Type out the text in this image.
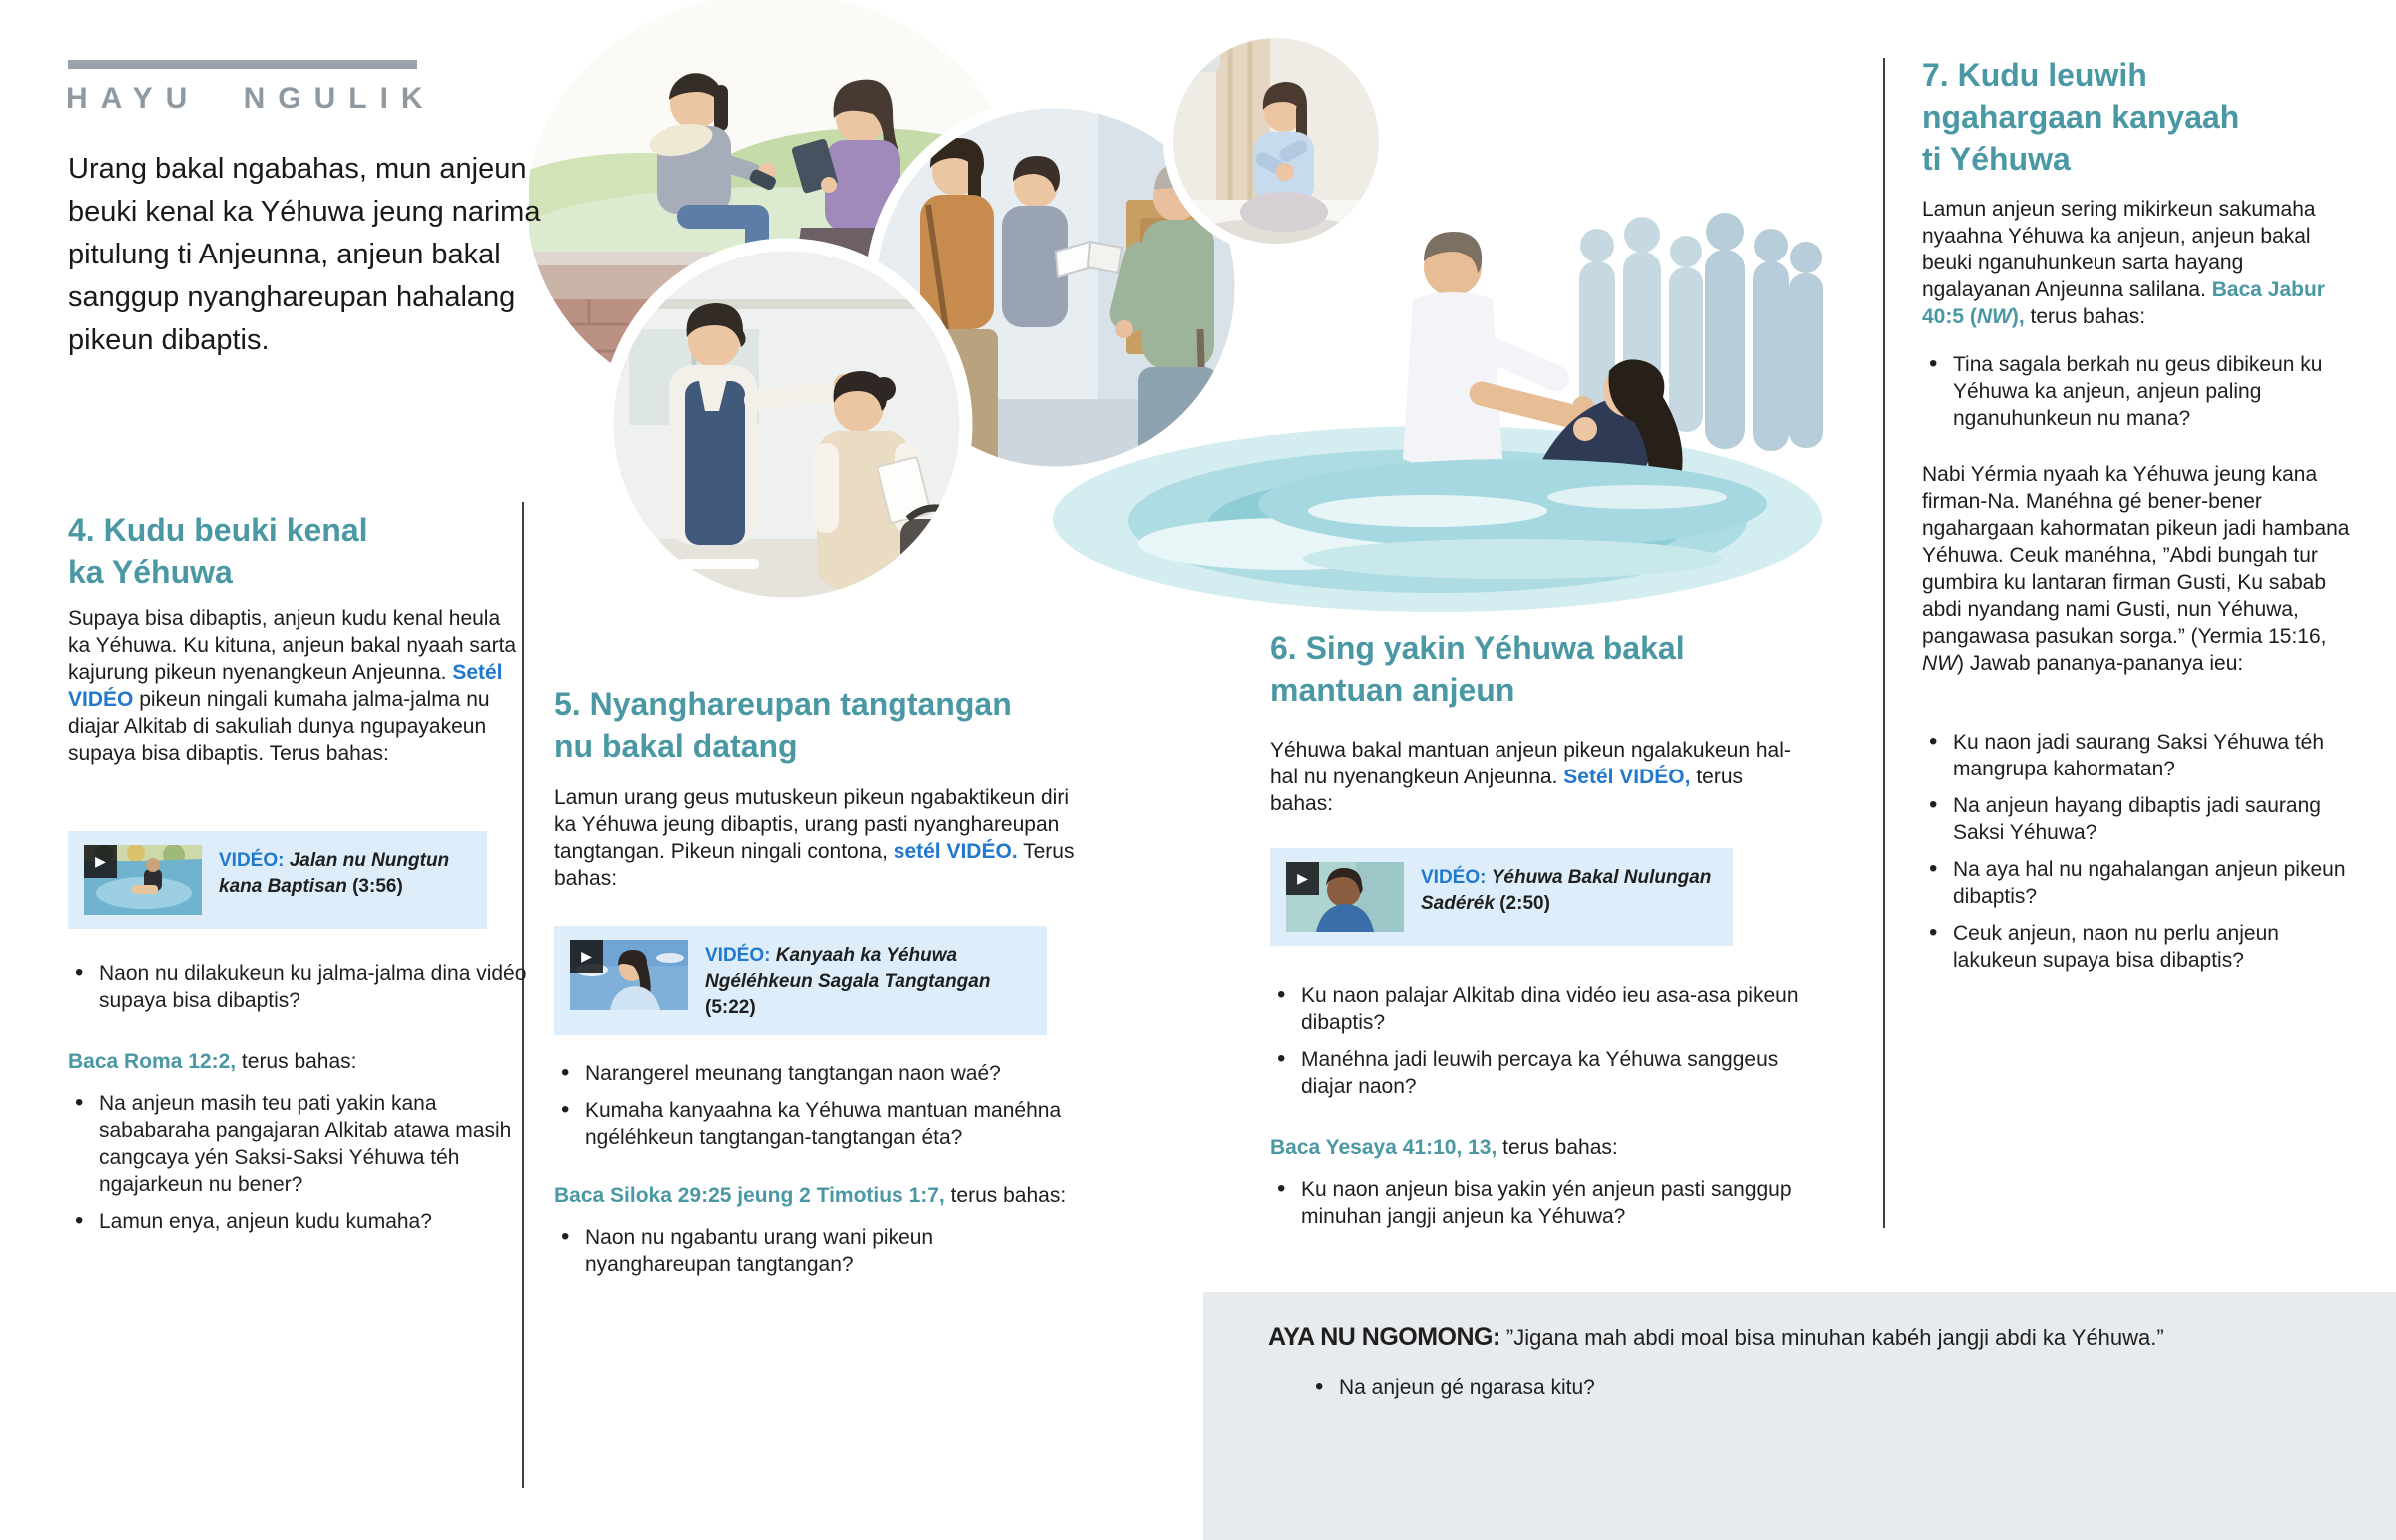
HAYU NGULIK
Urang bakal ngabahas, mun anjeun beuki kenal ka Yéhuwa jeung narima pitulung ti Anjeunna, anjeun bakal sanggup nyanghareupan hahalang pikeun dibaptis.
4. Kudu beuki kenal ka Yéhuwa
Supaya bisa dibaptis, anjeun kudu kenal heula ka Yéhuwa. Ku kituna, anjeun bakal nyaah sarta kajurung pikeun nyenangkeun Anjeunna. Setél VIDÉO pikeun ningali kumaha jalma-jalma nu diajar Alkitab di sakuliah dunya ngupayakeun supaya bisa dibaptis. Terus bahas:
▶	VIDÉO: Jalan nu Nungtun kana Baptisan (3:56)
• Naon nu dilakukeun ku jalma-jalma dina vidéo supaya bisa dibaptis?
Baca Roma 12:2, terus bahas:
• Na anjeun masih teu pati yakin kana sababaraha pangajaran Alkitab atawa masih cangcaya yén Saksi-Saksi Yéhuwa téh ngajarkeun nu bener?
• Lamun enya, anjeun kudu kumaha?
5. Nyanghareupan tangtangan nu bakal datang
Lamun urang geus mutuskeun pikeun ngabaktikeun diri ka Yéhuwa jeung dibaptis, urang pasti nyanghareupan tangtangan. Pikeun ningali contona, setél VIDÉO. Terus bahas:
▶	VIDÉO: Kanyaah ka Yéhuwa Ngéléhkeun Sagala Tangtangan (5:22)
• Narangerel meunang tangtangan naon waé?
• Kumaha kanyaahna ka Yéhuwa mantuan manéhna ngéléhkeun tangtangan-tangtangan éta?
Baca Siloka 29:25 jeung 2 Timotius 1:7, terus bahas:
• Naon nu ngabantu urang wani pikeun nyanghareupan tangtangan?
6. Sing yakin Yéhuwa bakal mantuan anjeun
Yéhuwa bakal mantuan anjeun pikeun ngalakukeun hal-hal nu nyenangkeun Anjeunna. Setél VIDÉO, terus bahas:
▶	VIDÉO: Yéhuwa Bakal Nulungan Sadérék (2:50)
• Ku naon palajar Alkitab dina vidéo ieu asa-asa pikeun dibaptis?
• Manéhna jadi leuwih percaya ka Yéhuwa sanggeus diajar naon?
Baca Yesaya 41:10, 13, terus bahas:
• Ku naon anjeun bisa yakin yén anjeun pasti sanggup minuhan jangji anjeun ka Yéhuwa?
7. Kudu leuwih ngahargaan kanyaah ti Yéhuwa
Lamun anjeun sering mikirkeun sakumaha nyaahna Yéhuwa ka anjeun, anjeun bakal beuki nganuhunkeun sarta hayang ngalayanan Anjeunna salilana. Baca Jabur 40:5 (NW), terus bahas:
• Tina sagala berkah nu geus dibikeun ku Yéhuwa ka anjeun, anjeun paling nganuhunkeun nu mana?
Nabi Yérmia nyaah ka Yéhuwa jeung kana firman-Na. Manéhna gé bener-bener ngahargaan kahormatan pikeun jadi hambana Yéhuwa. Ceuk manéhna, ”Abdi bungah tur gumbira ku lantaran firman Gusti, Ku sabab abdi nyandang nami Gusti, nun Yéhuwa, pangawasa pasukan sorga.” (Yermia 15:16, NW) Jawab pananya-pananya ieu:
• Ku naon jadi saurang Saksi Yéhuwa téh mangrupa kahormatan?
• Na anjeun hayang dibaptis jadi saurang Saksi Yéhuwa?
• Na aya hal nu ngahalangan anjeun pikeun dibaptis?
• Ceuk anjeun, naon nu perlu anjeun lakukeun supaya bisa dibaptis?
AYA NU NGOMONG: ”Jigana mah abdi moal bisa minuhan kabéh jangji abdi ka Yéhuwa.”
• Na anjeun gé ngarasa kitu?
